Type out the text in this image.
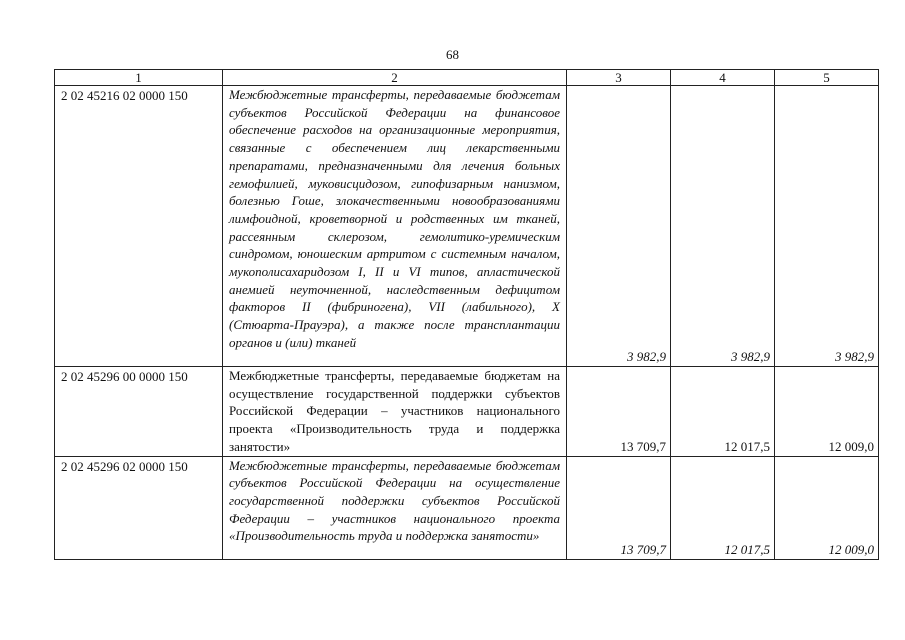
68
1	2	3	4	5
2 02 45216 02 0000 150	Межбюджетные трансферты, передаваемые бюджетам субъектов Российской Федерации на финансовое обеспечение расходов на организационные мероприятия, связанные с обеспечением лиц лекарственными препаратами, предназначенными для лечения больных гемофилией, муковисцидозом, гипофизарным нанизмом, болезнью Гоше, злокачественными новообразованиями лимфоидной, кроветворной и родственных им тканей, рассеянным склерозом, гемолитико-уремическим синдромом, юношеским артритом с системным началом, мукополисахаридозом I, II и VI типов, апластической анемией неуточненной, наследственным дефицитом факторов II (фибриногена), VII (лабильного), X (Стюарта-Прауэра), а также после трансплантации органов и (или) тканей	3 982,9	3 982,9	3 982,9
2 02 45296 00 0000 150	Межбюджетные трансферты, передаваемые бюджетам на осуществление государственной поддержки субъектов Российской Федерации – участников национального проекта «Производительность труда и поддержка занятости»	13 709,7	12 017,5	12 009,0
2 02 45296 02 0000 150	Межбюджетные трансферты, передаваемые бюджетам субъектов Российской Федерации на осуществление государственной поддержки субъектов Российской Федерации – участников национального проекта «Производительность труда и поддержка занятости»	13 709,7	12 017,5	12 009,0
